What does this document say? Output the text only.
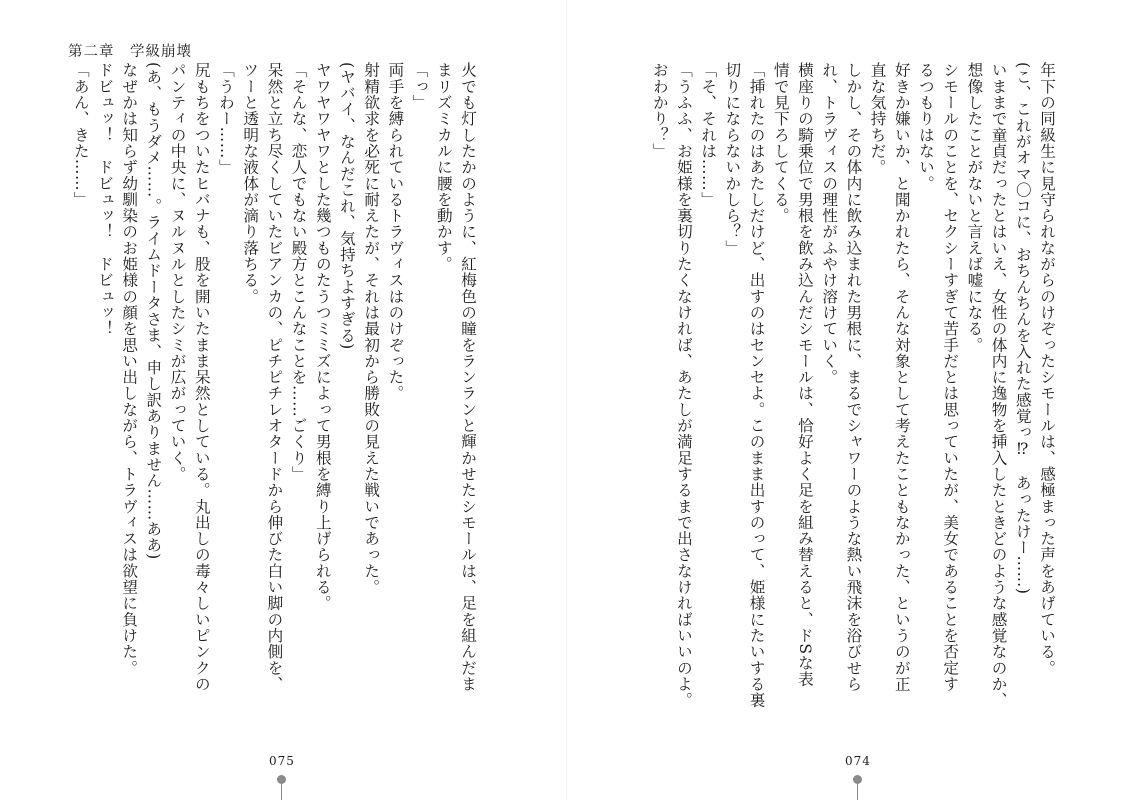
第二章　学級崩壊

火でも灯したかのように、紅梅色の瞳をランランと輝かせたシモールは、足を組んだま

まリズミカルに腰を動かす。

「っ」

両手を縛られているトラヴィスはのけぞった。

射精欲求を必死に耐えたが、それは最初から勝敗の見えた戦いであった。

(ヤバイ、なんだこれ、気持ちよすぎる)

ヤワヤワヤワとした幾つものたうつミミズによって男根を縛り上げられる。

「そんな、恋人でもない殿方とこんなことを……ごくり」

呆然と立ち尽くしていたビアンカの、ピチピチレオタードから伸びた白い脚の内側を、

ツーと透明な液体が滴り落ちる。

「うわー……」

尻もちをついたヒバナも、股を開いたまま呆然としている。丸出しの毒々しいピンクの

パンティの中央に、ヌルヌルとしたシミが広がっていく。

(あ、もうダメ……。ライムドータさま、申し訳ありません……ああ)

なぜかは知らず幼馴染のお姫様の顔を思い出しながら、トラヴィスは欲望に負けた。

ドビュッ！　ドビュッ！　ドビュッ！

「あん、きた……」

075

年下の同級生に見守られながらのけぞったシモールは、感極まった声をあげている。

(こ、これがオマ〇コに、おちんちんを入れた感覚っ⁉　あったけー……)

いままで童貞だったとはいえ、女性の体内に逸物を挿入したときどのような感覚なのか、

想像したことがないと言えば嘘になる。

シモールのことを、セクシーすぎて苦手だとは思っていたが、美女であることを否定す

るつもりはない。

好きか嫌いか、と聞かれたら、そんな対象として考えたこともなかった、というのが正

直な気持ちだ。

しかし、その体内に飲み込まれた男根に、まるでシャワーのような熱い飛沫を浴びせら

れ、トラヴィスの理性がふやけ溶けていく。

横座りの騎乗位で男根を飲み込んだシモールは、恰好よく足を組み替えると、ドSな表

情で見下ろしてくる。

「挿れたのはあたしだけど、出すのはセンセよ。このまま出すのって、姫様にたいする裏

切りにならないかしら？」

「そ、それは……」

「うふふ、お姫様を裏切りたくなければ、あたしが満足するまで出さなければいいのよ。

おわかり？」

074
